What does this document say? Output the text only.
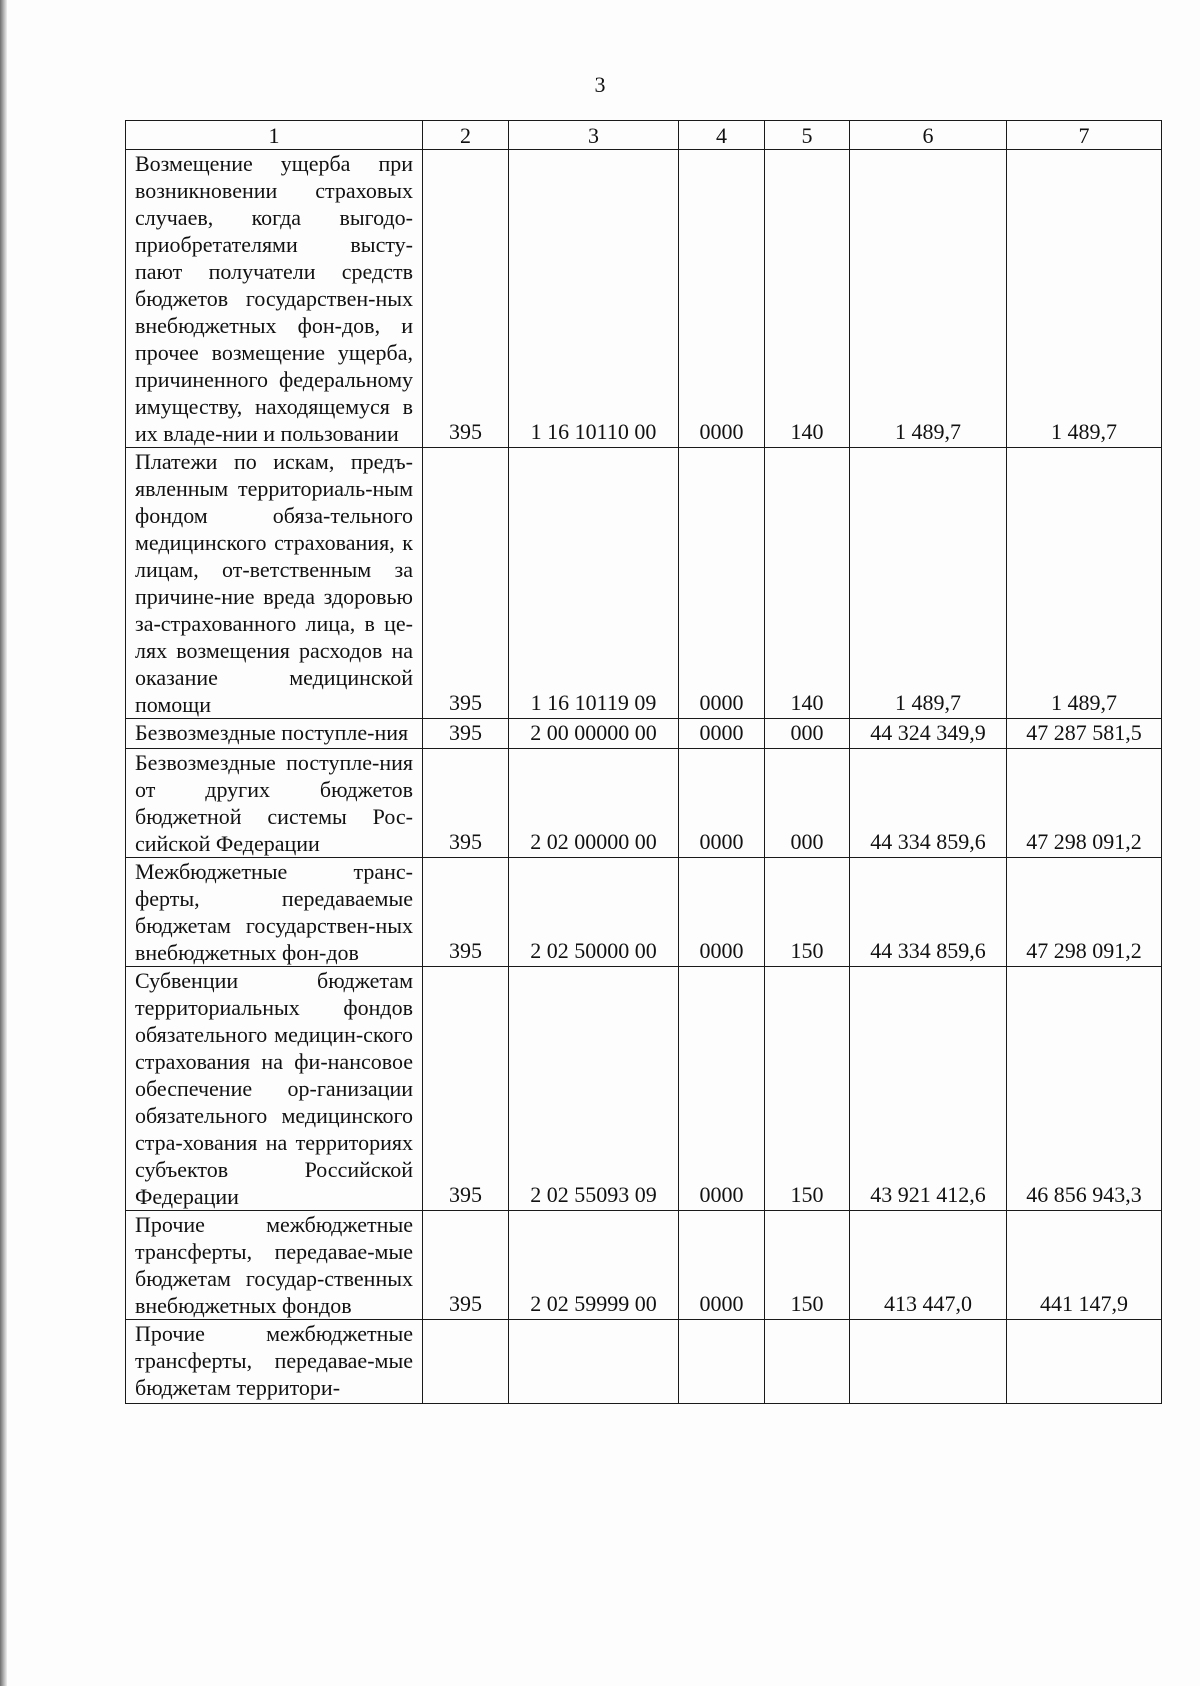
3
1	2	3	4	5	6	7
Возмещение ущерба при возникновении страховых случаев, когда выгодо-приобретателями высту-пают получатели средств бюджетов государствен-ных внебюджетных фон-дов, и прочее возмещение ущерба, причиненного федеральному имуществу, находящемуся в их владе-нии и пользовании	395	1 16 10110 00	0000	140	1 489,7	1 489,7
Платежи по искам, предъ-явленным территориаль-ным фондом обяза-тельного медицинского страхования, к лицам, от-ветственным за причине-ние вреда здоровью за-страхованного лица, в це-лях возмещения расходов на оказание медицинской помощи	395	1 16 10119 09	0000	140	1 489,7	1 489,7
Безвозмездные поступле-ния	395	2 00 00000 00	0000	000	44 324 349,9	47 287 581,5
Безвозмездные поступле-ния от других бюджетов бюджетной системы Рос-сийской Федерации	395	2 02 00000 00	0000	000	44 334 859,6	47 298 091,2
Межбюджетные транс-ферты, передаваемые бюджетам государствен-ных внебюджетных фон-дов	395	2 02 50000 00	0000	150	44 334 859,6	47 298 091,2
Субвенции бюджетам территориальных фондов обязательного медицин-ского страхования на фи-нансовое обеспечение ор-ганизации обязательного медицинского стра-хования на территориях субъектов Российской Федерации	395	2 02 55093 09	0000	150	43 921 412,6	46 856 943,3
Прочие межбюджетные трансферты, передавае-мые бюджетам государ-ственных внебюджетных фондов	395	2 02 59999 00	0000	150	413 447,0	441 147,9
Прочие межбюджетные трансферты, передавае-мые бюджетам территори-						
